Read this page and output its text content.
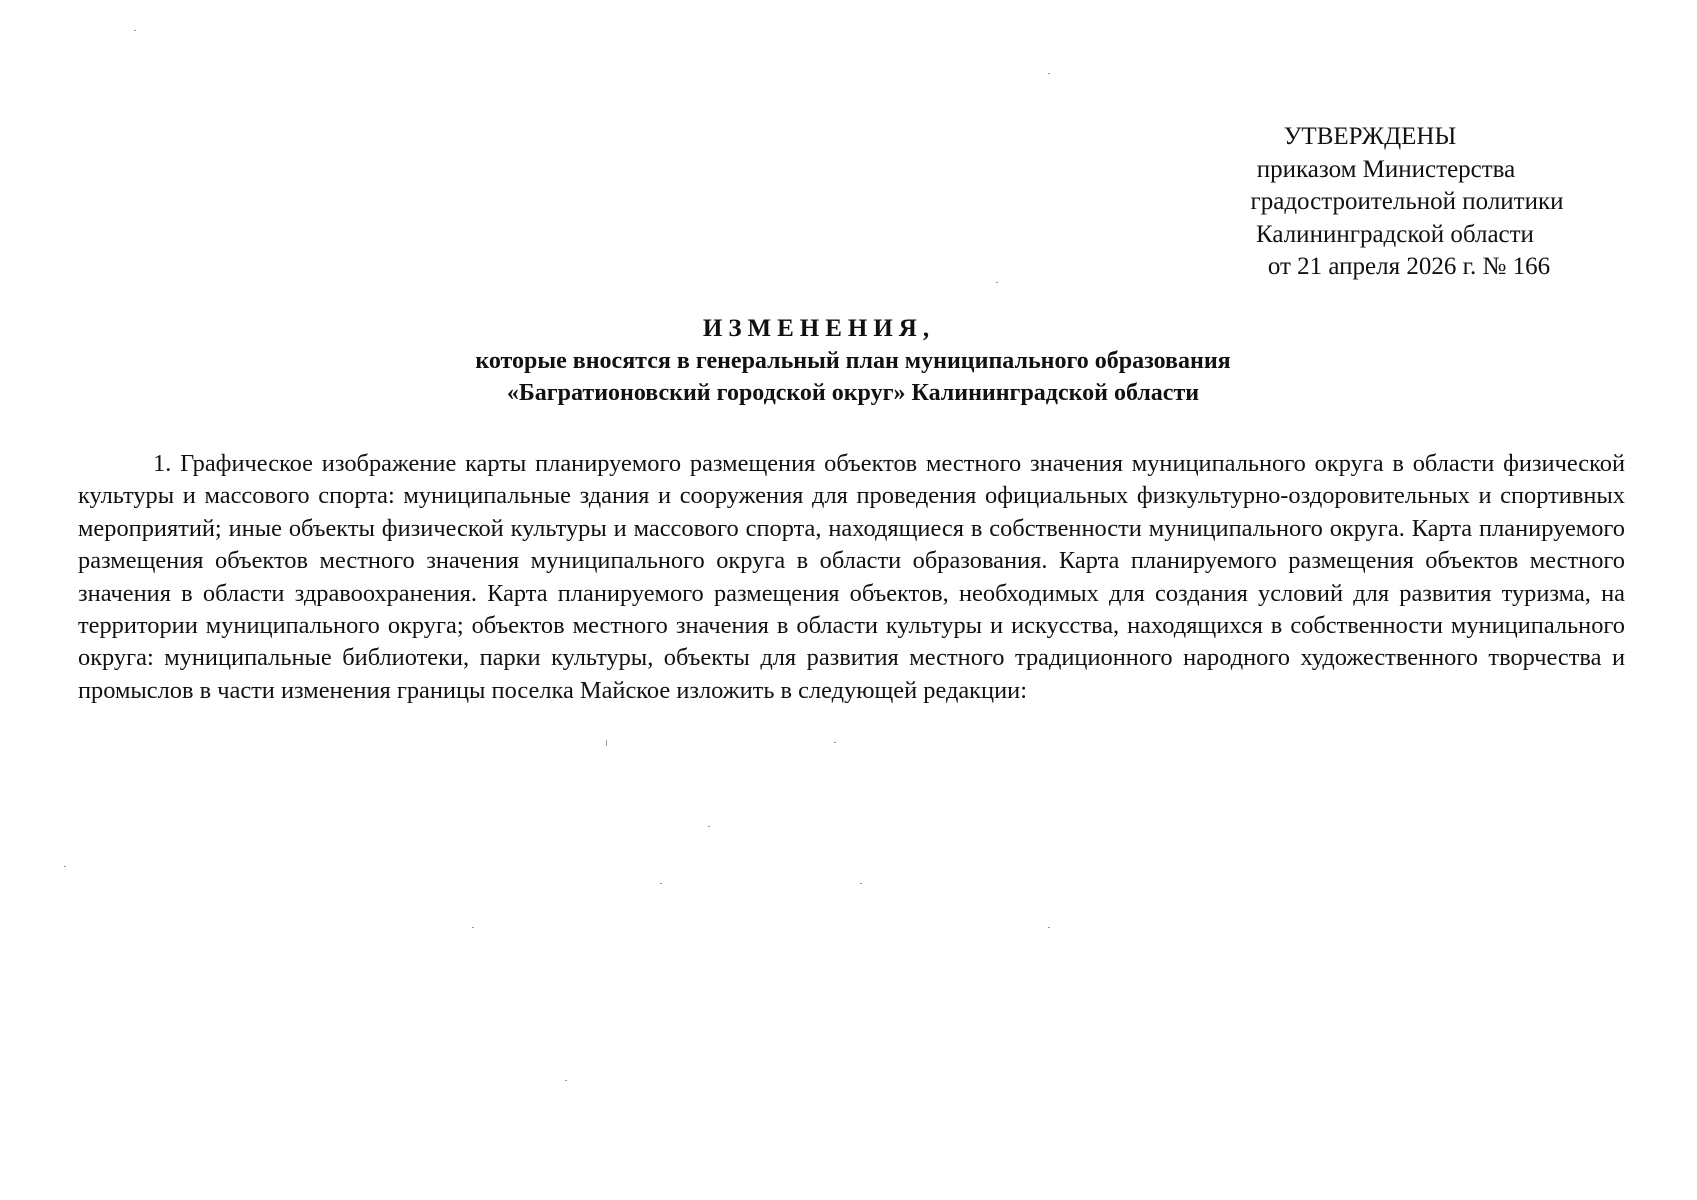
УТВЕРЖДЕНЫ
приказом Министерства
градостроительной политики
Калининградской области
от 21 апреля 2026 г. № 166
ИЗМЕНЕНИЯ,
которые вносятся в генеральный план муниципального образования
«Багратионовский городской округ» Калининградской области

1. Графическое изображение карты планируемого размещения объектов местного значения муниципального округа в области физической культуры и массового спорта: муниципальные здания и сооружения для проведения официальных физкультурно-оздоровительных и спортивных мероприятий; иные объекты физической культуры и массового спорта, находящиеся в собственности муниципального округа. Карта планируемого размещения объектов местного значения муниципального округа в области образования. Карта планируемого размещения объектов местного значения в области здравоохранения. Карта планируемого размещения объектов, необходимых для создания условий для развития туризма, на территории муниципального округа; объектов местного значения в области культуры и искусства, находящихся в собственности муниципального округа: муниципальные библиотеки, парки культуры, объекты для развития местного традиционного народного художественного творчества и промыслов в части изменения границы поселка Майское изложить в следующей редакции:
